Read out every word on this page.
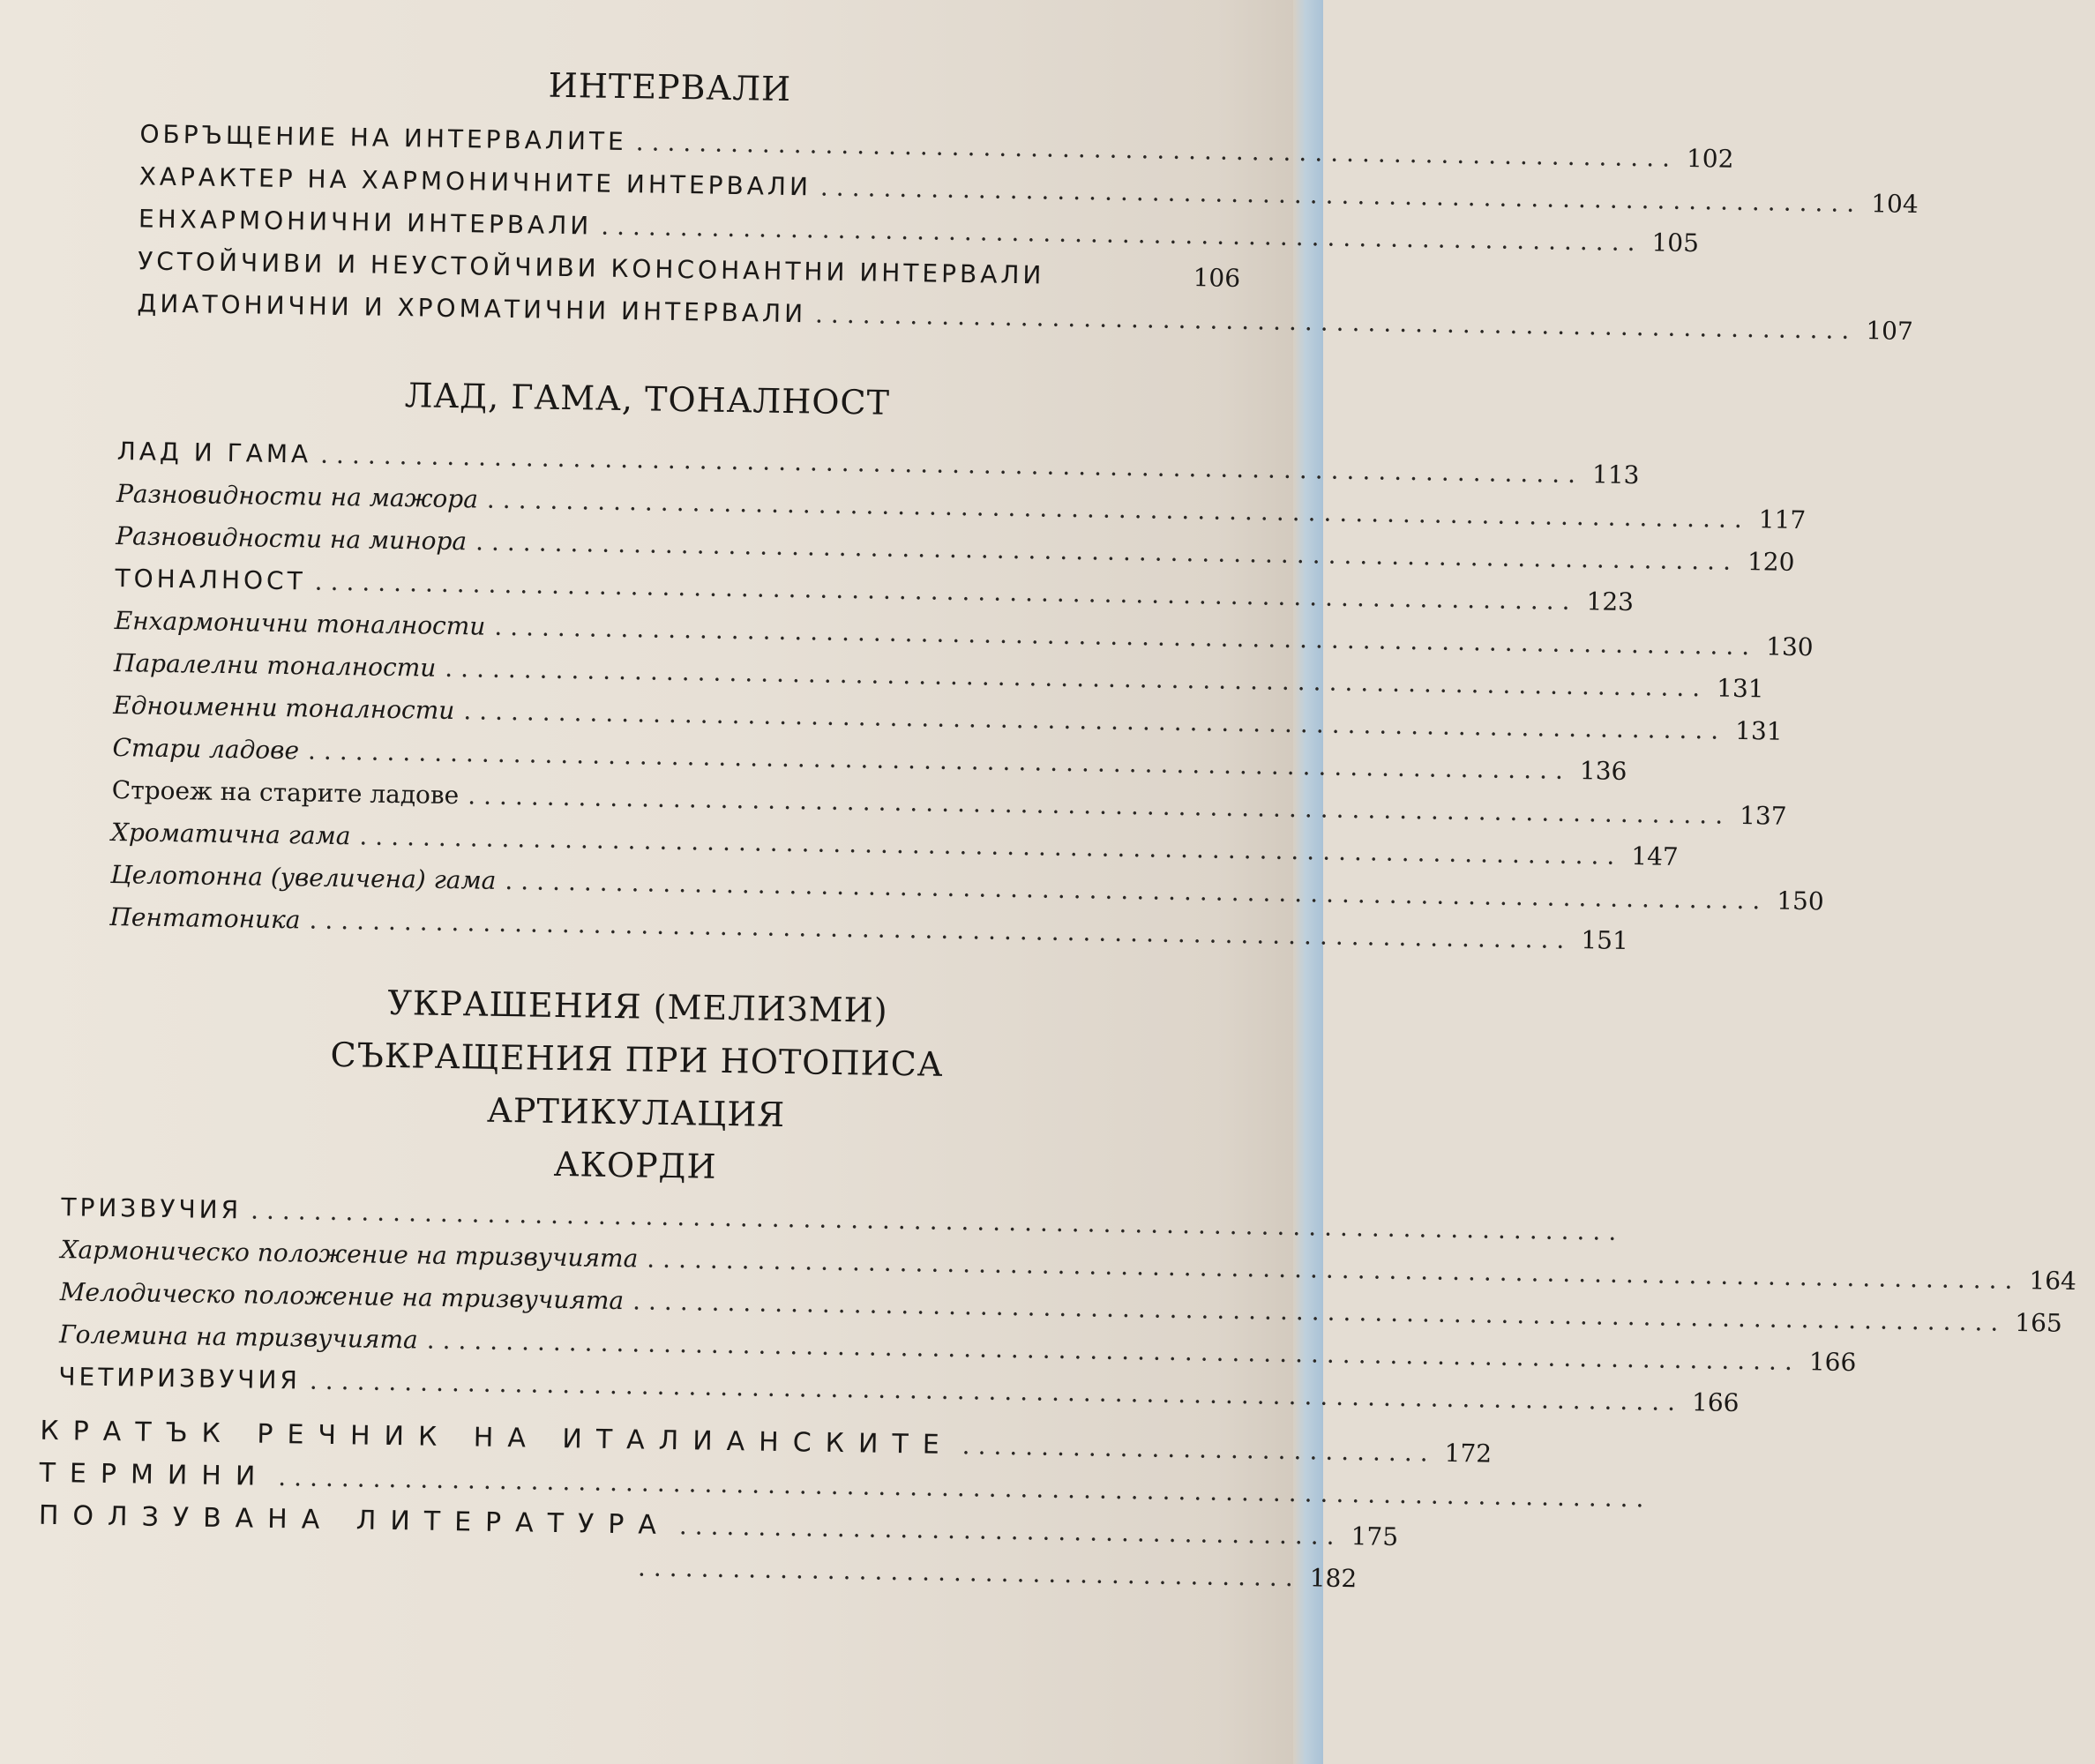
ИНТЕРВАЛИ
ОБРЪЩЕНИЕ НА ИНТЕРВАЛИТЕ .................................................................. 102
ХАРАКТЕР НА ХАРМОНИЧНИТЕ ИНТЕРВАЛИ .................................................................. 104
ЕНХАРМОНИЧНИ ИНТЕРВАЛИ .................................................................. 105
УСТОЙЧИВИ И НЕУСТОЙЧИВИ КОНСОНАНТНИ ИНТЕРВАЛИ	106
ДИАТОНИЧНИ И ХРОМАТИЧНИ ИНТЕРВАЛИ .................................................................. 107
ЛАД, ГАМА, ТОНАЛНОСТ
ЛАД И ГАМА ................................................................................ 113
Разновидности на мажора ................................................................................ 117
Разновидности на минора ................................................................................ 120
ТОНАЛНОСТ ................................................................................ 123
Енхармонични тоналности ................................................................................ 130
Паралелни тоналности ................................................................................ 131
Едноименни тоналности ................................................................................ 131
Стари ладове ................................................................................ 136
Строеж на старите ладове ................................................................................ 137
Хроматична гама ................................................................................ 147
Целотонна (увеличена) гама ................................................................................ 150
Пентатоника ................................................................................ 151
УКРАШЕНИЯ (МЕЛИЗМИ)
СЪКРАЩЕНИЯ ПРИ НОТОПИСА
АРТИКУЛАЦИЯ
АКОРДИ
ТРИЗВУЧИЯ .......................................................................................
Хармоническо положение на тризвучията ....................................................................................... 164
Мелодическо положение на тризвучията ....................................................................................... 165
Големина на тризвучията ....................................................................................... 166
ЧЕТИРИЗВУЧИЯ ....................................................................................... 166
КРАТЪК РЕЧНИК НА ИТАЛИАНСКИТЕ .............................. 172
ТЕРМИНИ .......................................................................................
ПОЛЗУВАНА ЛИТЕРАТУРА .......................................... 175
.......................................... 182
